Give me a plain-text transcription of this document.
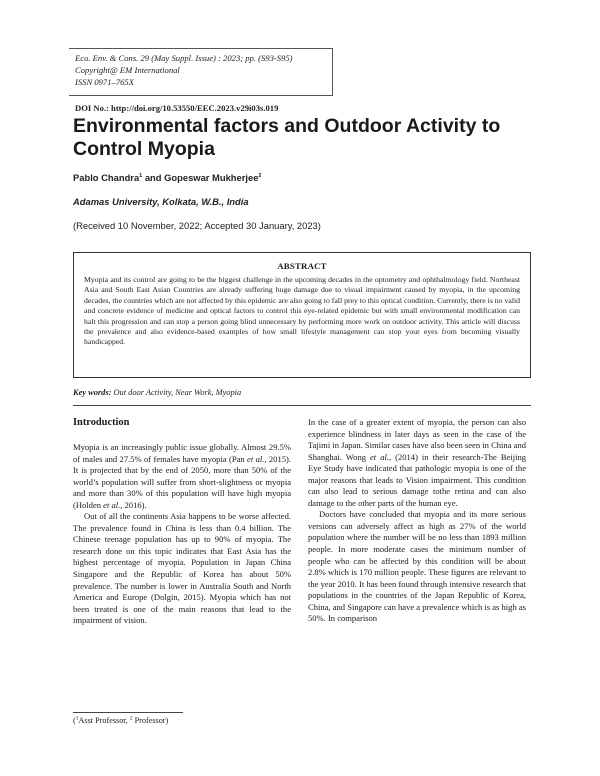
Eco. Env. & Cons. 29 (May Suppl. Issue) : 2023; pp. (S93-S95)
Copyright@ EM International
ISSN 0971–765X
DOI No.: http://doi.org/10.53550/EEC.2023.v29i03s.019
Environmental factors and Outdoor Activity to Control Myopia
Pablo Chandra$^1$ and Gopeswar Mukherjee$^2$
Adamas University, Kolkata, W.B., India
(Received 10 November, 2022; Accepted 30 January, 2023)
ABSTRACT
Myopia and its control are going to be the biggest challenge in the upcoming decades in the optometry and ophthalmology field. Northeast Asia and South East Asian Countries are already suffering huge damage due to visual impairment caused by myopia, in the upcoming decades, the countries which are not affected by this epidemic are also going to fall prey to this optical condition. Currently, there is no valid and concrete evidence of medicine and optical factors to control this eye-related epidemic but with small environmental modification can halt this progression and can stop a person going blind unnecessary by performing more work on outdoor activity. This article will discuss the prevalence and also evidence-based examples of how small lifestyle management can stop your eyes from becoming visually handicapped.
Key words: Out door Activity, Near Work, Myopia
Introduction

Myopia is an increasingly public issue globally. Almost 29.5% of males and 27.5% of females have myopia (Pan et al., 2015). It is projected that by the end of 2050, more than 50% of the world’s population will suffer from short-slightness or myopia and more than 30% of this population will have high myopia (Holden et al., 2016).

Out of all the continents Asia happens to be worse affected. The prevalence found in China is less than 0.4 billion. The Chinese teenage population has up to 90% of myopia. The research done on this topic indicates that East Asia has the highest percentage of myopia. Population in Japan China Singapore and the Republic of Korea has about 50% prevalence. The number is lower in Australia South and North America and Europe (Dolgin, 2015). Myopia which has not been treated is one of the main reasons that lead to the impairment of vision.

In the case of a greater extent of myopia, the person can also experience blindness in later days as seen in the case of the Tajimi in Japan. Similar cases have also been seen in China and Shanghai. Wong et al., (2014) in their research-The Beijing Eye Study have indicated that pathologic myopia is one of the major reasons that leads to Vision impairment. This condition can also lead to serious damage tothe retina and can also damage to the other parts of the human eye.

Doctors have concluded that myopia and its more serious versions can adversely affect as high as 27% of the world population where the number will be no less than 1893 million people. In more moderate cases the minimum number of people who can be affected by this condition will be about 2.8% which is 170 million people. These figures are relevant to the year 2010. It has been found through intensive research that populations in the countries of the Japan Republic of Korea, China, and Singapore can have a prevalence which is as high as 50%. In comparison

($^1$Asst Professor, $^2$ Professor)
